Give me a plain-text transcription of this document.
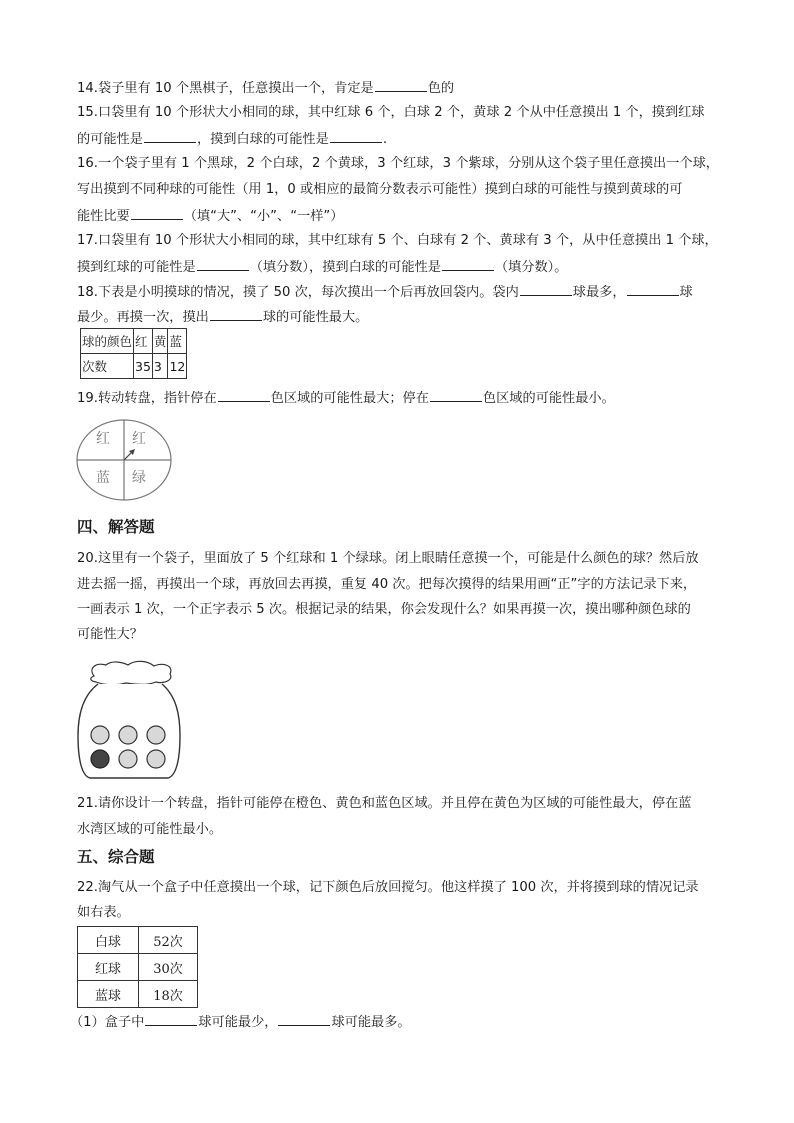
14.袋子里有 10 个黑棋子，任意摸出一个，肯定是	色的
15.口袋里有 10 个形状大小相同的球，其中红球 6 个，白球 2 个，黄球 2 个从中任意摸出 1 个，摸到红球
的可能性是	，摸到白球的可能性是	.
16.一个袋子里有 1 个黑球，2 个白球，2 个黄球，3 个红球，3 个紫球，分别从这个袋子里任意摸出一个球，
写出摸到不同种球的可能性（用 1，0 或相应的最简分数表示可能性）摸到白球的可能性与摸到黄球的可
能性比要	（填“大”、“小”、“一样”）
17.口袋里有 10 个形状大小相同的球，其中红球有 5 个、白球有 2 个、黄球有 3 个，从中任意摸出 1 个球，
摸到红球的可能性是	（填分数），摸到白球的可能性是	（填分数）。
18.下表是小明摸球的情况，摸了 50 次，每次摸出一个后再放回袋内。袋内	球最多，	球
最少。再摸一次，摸出	球的可能性最大。
球的颜色	红	黄	蓝
次数	35	3	12
19.转动转盘，指针停在	色区域的可能性最大；停在	色区域的可能性最小。
红 红
蓝 绿
四、解答题
20.这里有一个袋子，里面放了 5 个红球和 1 个绿球。闭上眼睛任意摸一个，可能是什么颜色的球？然后放
进去摇一摇，再摸出一个球，再放回去再摸，重复 40 次。把每次摸得的结果用画“正”字的方法记录下来，
一画表示 1 次，一个正字表示 5 次。根据记录的结果，你会发现什么？如果再摸一次，摸出哪种颜色球的
可能性大？
21.请你设计一个转盘，指针可能停在橙色、黄色和蓝色区域。并且停在黄色为区域的可能性最大，停在蓝
水湾区域的可能性最小。
五、综合题
22.淘气从一个盒子中任意摸出一个球，记下颜色后放回搅匀。他这样摸了 100 次，并将摸到球的情况记录
如右表。
白球	52次
红球	30次
蓝球	18次
（1）盒子中	球可能最少，	球可能最多。
